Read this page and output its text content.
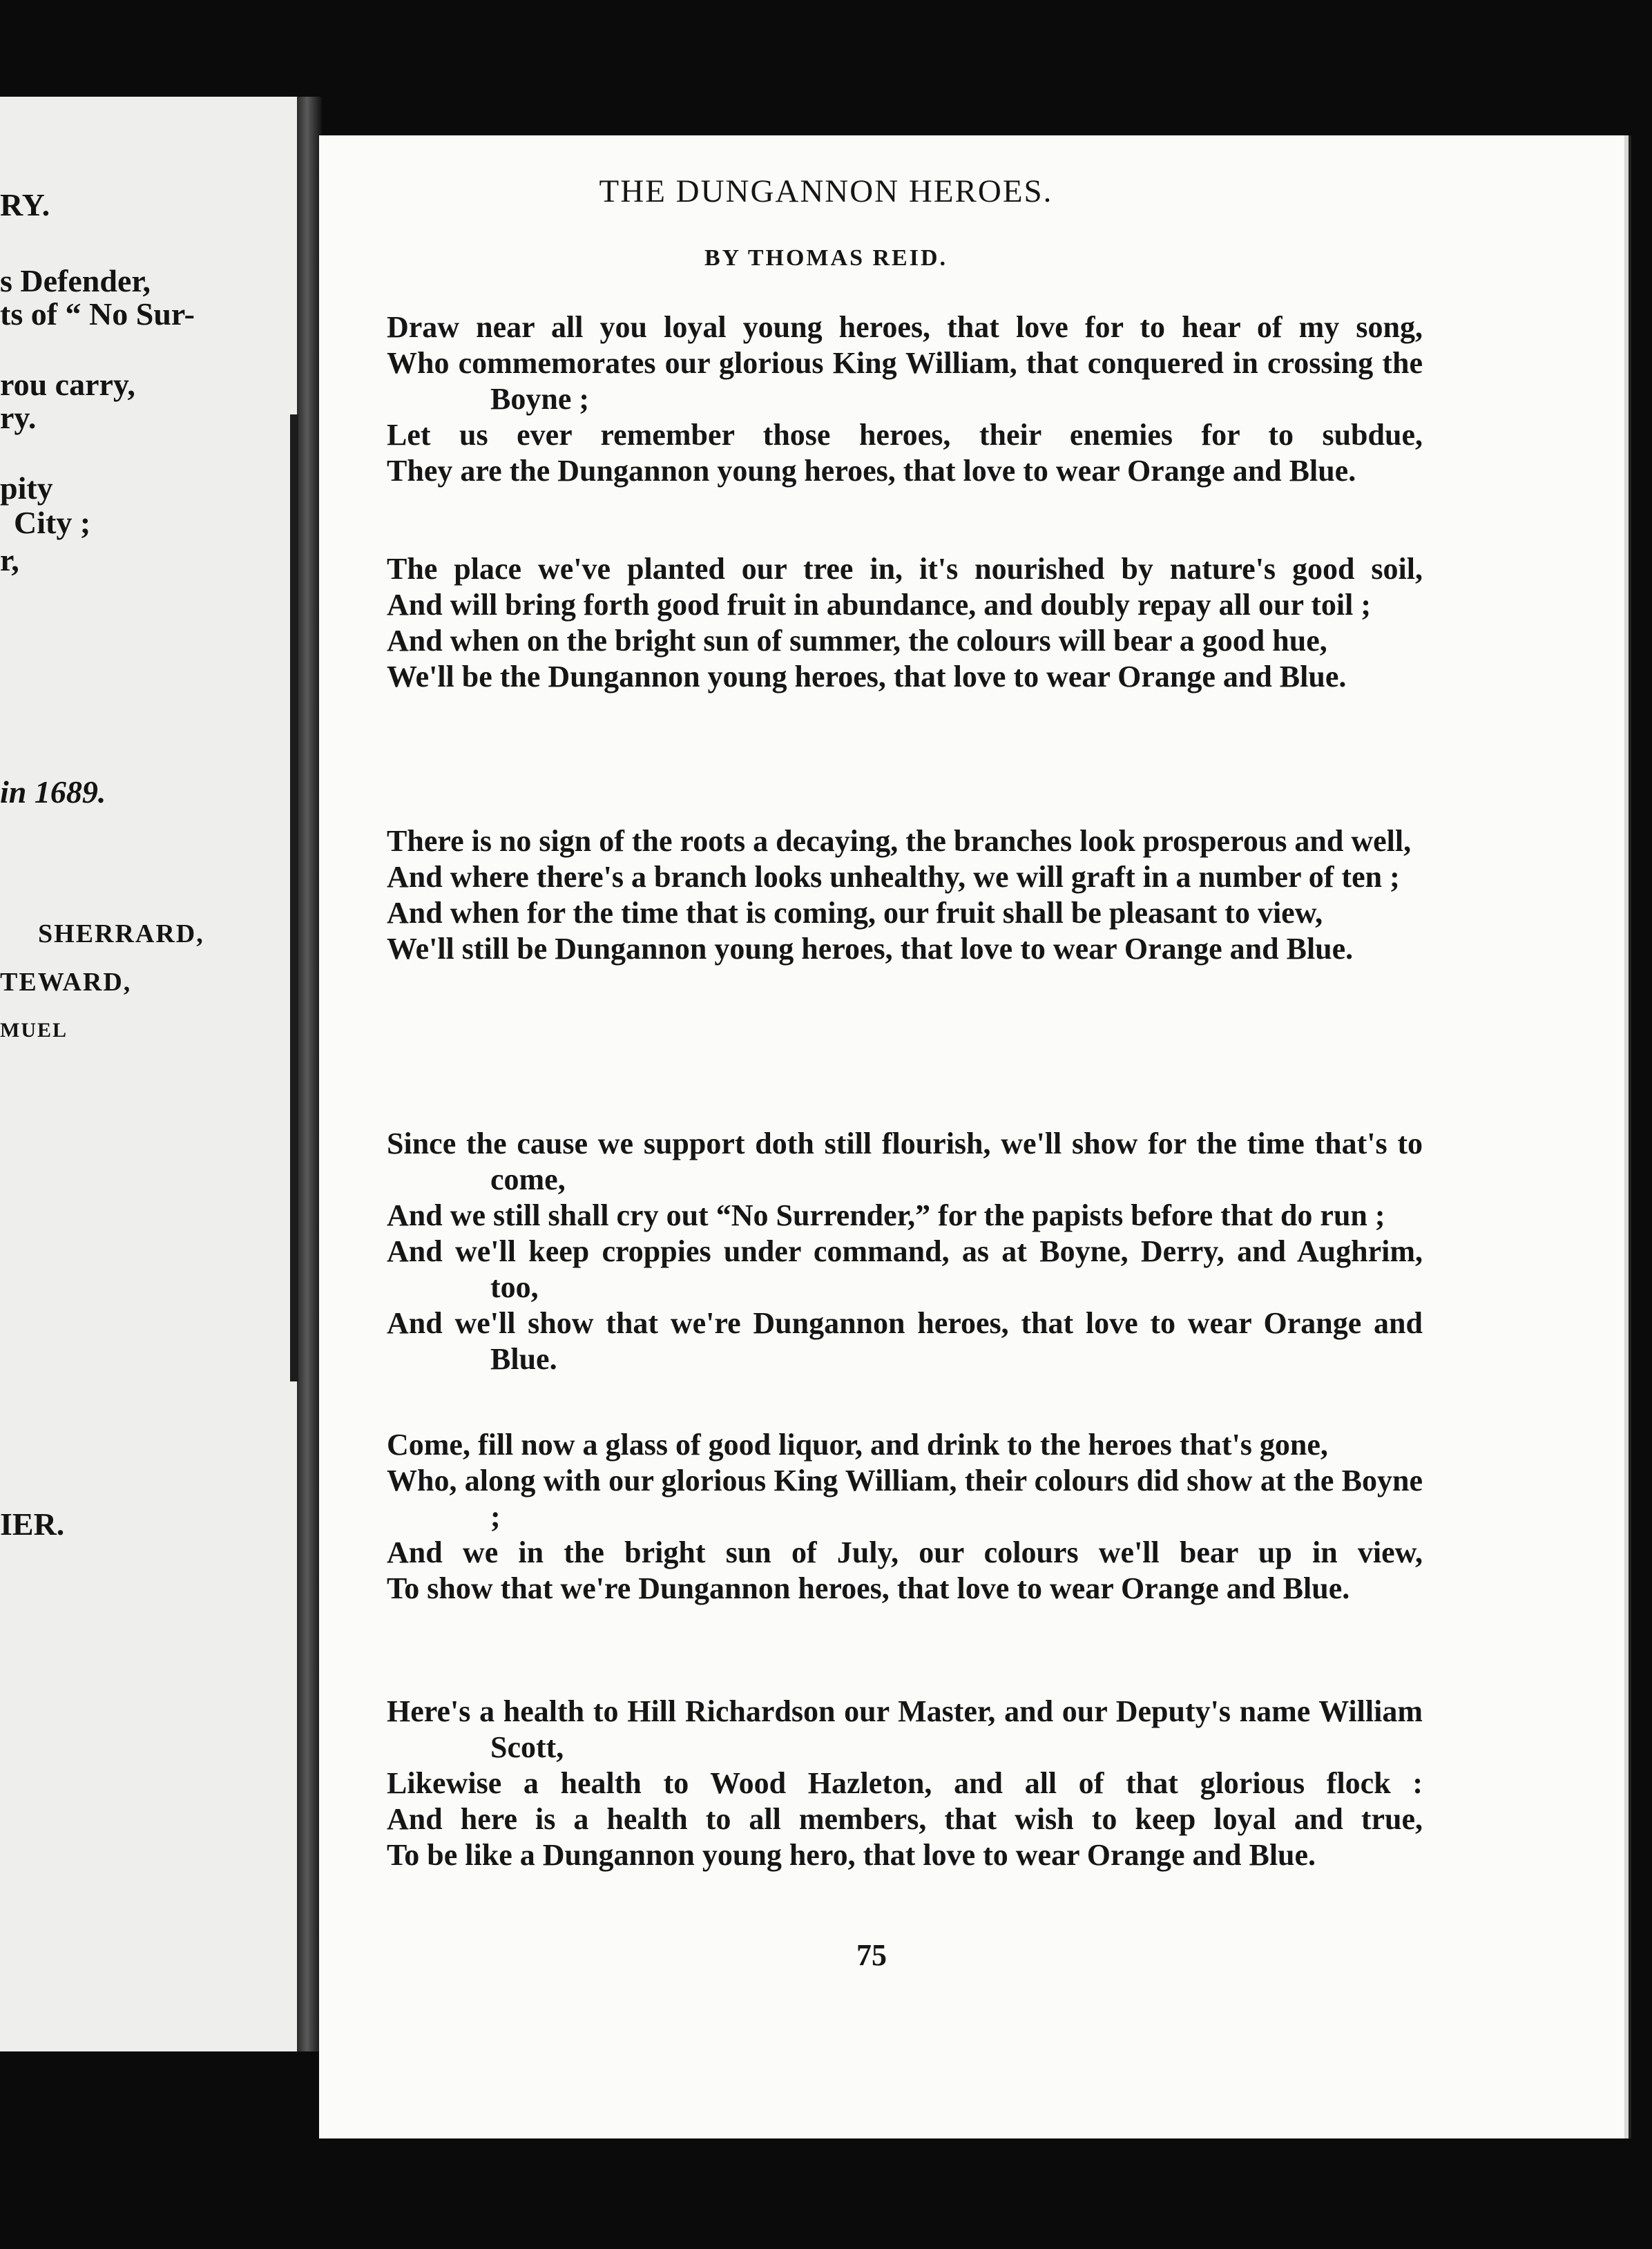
RY.
s Defender,
ts of “ No Sur-
rou carry,
ry.
pity
City ;
r,
in 1689.
SHERRARD,
TEWARD,
MUEL
IER.
THE DUNGANNON HEROES.
BY THOMAS REID.
Draw near all you loyal young heroes, that love for to hear of my song,
Who commemorates our glorious King William, that conquered in crossing the Boyne ;
Let us ever remember those heroes, their enemies for to subdue,
They are the Dungannon young heroes, that love to wear Orange and Blue.
The place we've planted our tree in, it's nourished by nature's good soil,
And will bring forth good fruit in abundance, and doubly repay all our toil ;
And when on the bright sun of summer, the colours will bear a good hue,
We'll be the Dungannon young heroes, that love to wear Orange and Blue.
There is no sign of the roots a decaying, the branches look prosperous and well,
And where there's a branch looks unhealthy, we will graft in a number of ten ;
And when for the time that is coming, our fruit shall be pleasant to view,
We'll still be Dungannon young heroes, that love to wear Orange and Blue.
Since the cause we support doth still flourish, we'll show for the time that's to come,
And we still shall cry out “No Surrender,” for the papists before that do run ;
And we'll keep croppies under command, as at Boyne, Derry, and Aughrim, too,
And we'll show that we're Dungannon heroes, that love to wear Orange and Blue.
Come, fill now a glass of good liquor, and drink to the heroes that's gone,
Who, along with our glorious King William, their colours did show at the Boyne ;
And we in the bright sun of July, our colours we'll bear up in view,
To show that we're Dungannon heroes, that love to wear Orange and Blue.
Here's a health to Hill Richardson our Master, and our Deputy's name William Scott,
Likewise a health to Wood Hazleton, and all of that glorious flock :
And here is a health to all members, that wish to keep loyal and true,
To be like a Dungannon young hero, that love to wear Orange and Blue.
75
